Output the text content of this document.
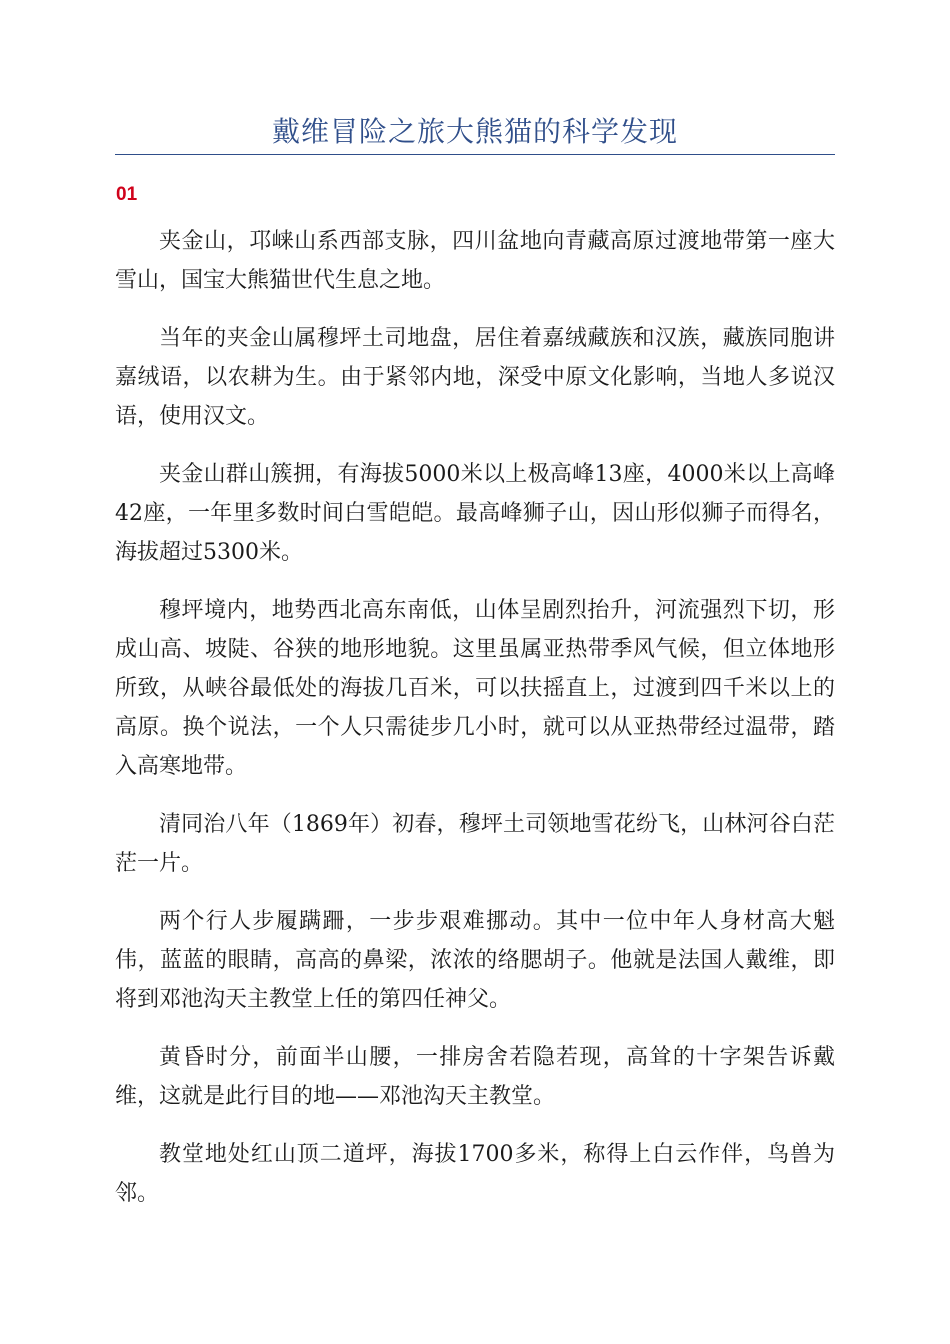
戴维冒险之旅大熊猫的科学发现
01

夹金山，邛崃山系西部支脉，四川盆地向青藏高原过渡地带第一座大雪山，国宝大熊猫世代生息之地。

当年的夹金山属穆坪土司地盘，居住着嘉绒藏族和汉族，藏族同胞讲嘉绒语，以农耕为生。由于紧邻内地，深受中原文化影响，当地人多说汉语，使用汉文。

夹金山群山簇拥，有海拔5000米以上极高峰13座，4000米以上高峰42座，一年里多数时间白雪皑皑。最高峰狮子山，因山形似狮子而得名，海拔超过5300米。

穆坪境内，地势西北高东南低，山体呈剧烈抬升，河流强烈下切，形成山高、坡陡、谷狭的地形地貌。这里虽属亚热带季风气候，但立体地形所致，从峡谷最低处的海拔几百米，可以扶摇直上，过渡到四千米以上的高原。换个说法，一个人只需徒步几小时，就可以从亚热带经过温带，踏入高寒地带。

清同治八年（1869年）初春，穆坪土司领地雪花纷飞，山林河谷白茫茫一片。

两个行人步履蹒跚，一步步艰难挪动。其中一位中年人身材高大魁伟，蓝蓝的眼睛，高高的鼻梁，浓浓的络腮胡子。他就是法国人戴维，即将到邓池沟天主教堂上任的第四任神父。

黄昏时分，前面半山腰，一排房舍若隐若现，高耸的十字架告诉戴维，这就是此行目的地——邓池沟天主教堂。

教堂地处红山顶二道坪，海拔1700多米，称得上白云作伴，鸟兽为邻。
